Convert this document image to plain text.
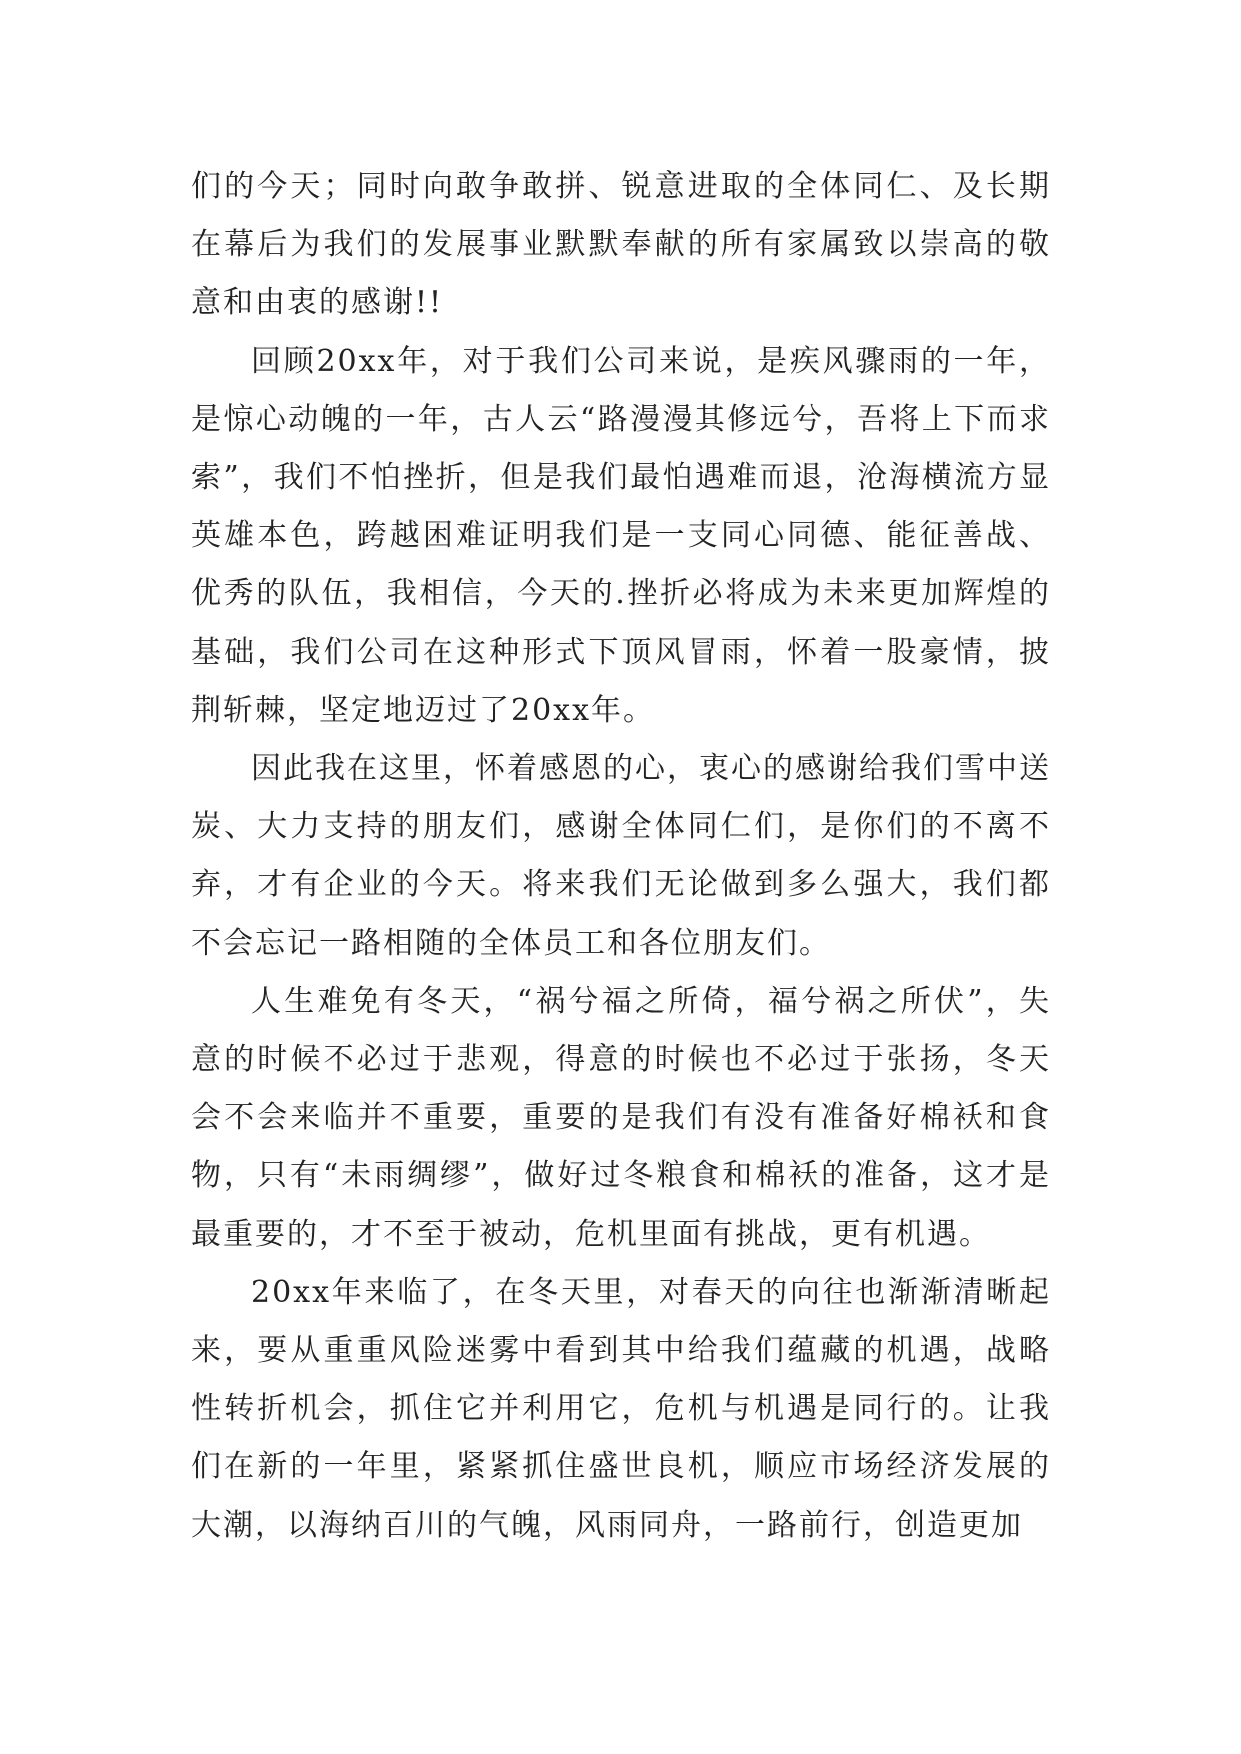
们的今天；同时向敢争敢拼、锐意进取的全体同仁、及长期在幕后为我们的发展事业默默奉献的所有家属致以崇高的敬意和由衷的感谢!!

回顾20xx年，对于我们公司来说，是疾风骤雨的一年，是惊心动魄的一年，古人云“路漫漫其修远兮，吾将上下而求索”，我们不怕挫折，但是我们最怕遇难而退，沧海横流方显英雄本色，跨越困难证明我们是一支同心同德、能征善战、优秀的队伍，我相信，今天的.挫折必将成为未来更加辉煌的基础，我们公司在这种形式下顶风冒雨，怀着一股豪情，披荆斩棘，坚定地迈过了20xx年。

因此我在这里，怀着感恩的心，衷心的感谢给我们雪中送炭、大力支持的朋友们，感谢全体同仁们，是你们的不离不弃，才有企业的今天。将来我们无论做到多么强大，我们都不会忘记一路相随的全体员工和各位朋友们。

人生难免有冬天，“祸兮福之所倚，福兮祸之所伏”，失意的时候不必过于悲观，得意的时候也不必过于张扬，冬天会不会来临并不重要，重要的是我们有没有准备好棉袄和食物，只有“未雨绸缪”，做好过冬粮食和棉袄的准备，这才是最重要的，才不至于被动，危机里面有挑战，更有机遇。

20xx年来临了，在冬天里，对春天的向往也渐渐清晰起来，要从重重风险迷雾中看到其中给我们蕴藏的机遇，战略性转折机会，抓住它并利用它，危机与机遇是同行的。让我们在新的一年里，紧紧抓住盛世良机，顺应市场经济发展的大潮，以海纳百川的气魄，风雨同舟，一路前行，创造更加
